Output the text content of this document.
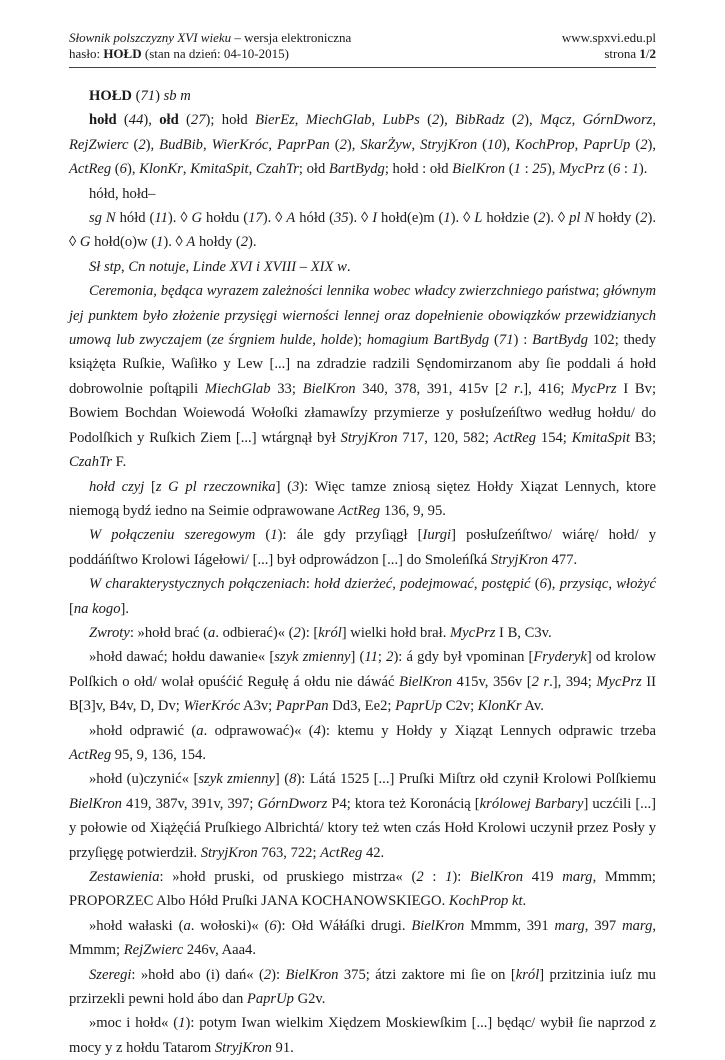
Słownik polszczyzny XVI wieku – wersja elektroniczna	www.spxvi.edu.pl
hasło: HOŁD (stan na dzień: 04-10-2015)	strona 1/2

HOŁD (71) sb m

hołd (44), ołd (27); hołd BierEz, MiechGlab, LubPs (2), BibRadz (2), Mącz, GórnDworz, RejZwierc (2), BudBib, WierKróc, PaprPan (2), SkarŻyw, StryjKron (10), KochProp, PaprUp (2), ActReg (6), KlonKr, KmitaSpit, CzahTr; ołd BartBydg; hołd : ołd BielKron (1 : 25), MycPrz (6 : 1).

hółd, hołd–

sg N hółd (11). ◊ G hołdu (17). ◊ A hółd (35). ◊ I hołd(e)m (1). ◊ L hołdzie (2). ◊ pl N hołdy (2). ◊ G hołd(o)w (1). ◊ A hołdy (2).

Sł stp, Cn notuje, Linde XVI i XVIII – XIX w.

Ceremonia, będąca wyrazem zależności lennika wobec władcy zwierzchniego państwa; głównym jej punktem było złożenie przysięgi wierności lennej oraz dopełnienie obowiązków przewidzianych umową lub zwyczajem (ze śrgniem hulde, holde); homagium BartBydg (71) : BartBydg 102; thedy książęta Ruſkie, Waſiłko y Lew [...] na zdradzie radzili Sęndomirzanom aby ſie poddali á hołd dobrowolnie poſtąpili MiechGlab 33; BielKron 340, 378, 391, 415v [2 r.], 416; MycPrz I Bv; Bowiem Bochdan Woiewodá Wołoſki złamawſzy przymierze y posłuſzeńſtwo według hołdu/ do Podolſkich y Ruſkich Ziem [...] wtárgnął był StryjKron 717, 120, 582; ActReg 154; KmitaSpit B3; CzahTr F.

hołd czyj [z G pl rzeczownika] (3): Więc tamze zniosą siętez Hołdy Xiązat Lennych, ktore niemogą bydź iedno na Seimie odprawowane ActReg 136, 9, 95.

W połączeniu szeregowym (1): ále gdy przyſiągł [Iurgi] posłuſzeńſtwo/ wiárę/ hołd/ y poddáńſtwo Krolowi Iágełowi/ [...] był odprowádzon [...] do Smoleńſká StryjKron 477.

W charakterystycznych połączeniach: hołd dzierżeć, podejmować, postępić (6), przysiąc, włożyć [na kogo].

Zwroty: »hołd brać (a. odbierać)« (2): [król] wielki hołd brał. MycPrz I B, C3v.

»hołd dawać; hołdu dawanie« [szyk zmienny] (11; 2): á gdy był vpominan [Fryderyk] od krolow Polſkich o ołd/ wolał opuśćić Regułę á ołdu nie dáwáć BielKron 415v, 356v [2 r.], 394; MycPrz II B[3]v, B4v, D, Dv; WierKróc A3v; PaprPan Dd3, Ee2; PaprUp C2v; KlonKr Av.

»hołd odprawić (a. odprawować)« (4): ktemu y Hołdy y Xiąząt Lennych odprawic trzeba ActReg 95, 9, 136, 154.

»hołd (u)czynić« [szyk zmienny] (8): Látá 1525 [...] Pruſki Miſtrz ołd czynił Krolowi Polſkiemu BielKron 419, 387v, 391v, 397; GórnDworz P4; ktora też Koronácią [królowej Barbary] uczćili [...] y połowie od Xiążęćiá Pruſkiego Albrichtá/ ktory też wten czás Hołd Krolowi uczynił przez Posły y przyſięgę potwierdził. StryjKron 763, 722; ActReg 42.

Zestawienia: »hołd pruski, od pruskiego mistrza« (2 : 1): BielKron 419 marg, Mmmm; PROPORZEC Albo Hółd Pruſki JANA KOCHANOWSKIEGO. KochProp kt.

»hołd wałaski (a. wołoski)« (6): Ołd Wáłáſki drugi. BielKron Mmmm, 391 marg, 397 marg, Mmmm; RejZwierc 246v, Aaa4.

Szeregi: »hołd abo (i) dań« (2): BielKron 375; átzi zaktore mi ſie on [król] przitzinia iuſz mu przirzekli pewni hold ábo dan PaprUp G2v.

»moc i hołd« (1): potym Iwan wielkim Xiędzem Moskiewſkim [...] będąc/ wybił ſie naprzod z mocy y z hołdu Tatarom StryjKron 91.
